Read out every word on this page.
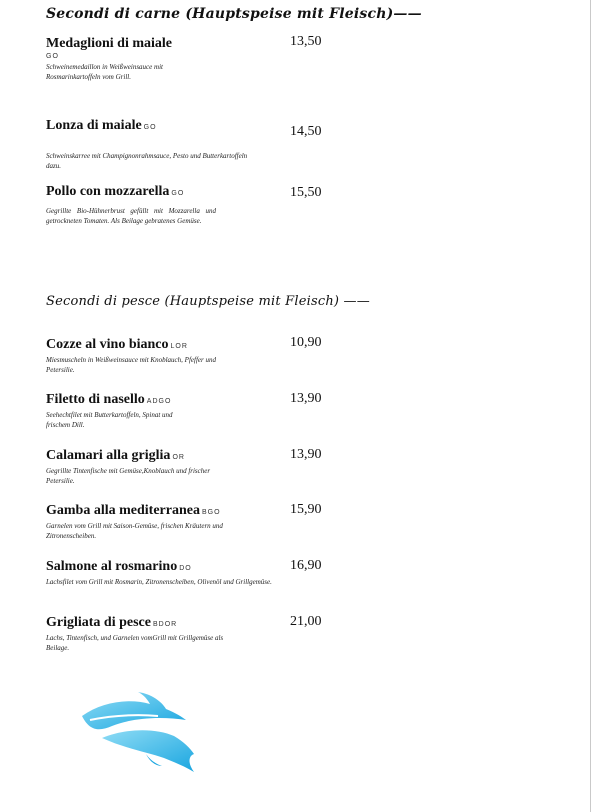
Secondi di carne (Hauptspeise mit Fleisch)——
Medaglioni di maiale
GO
Schweinemedaillon in Weißweinsauce mit Rosmarinkartoffeln vom Grill.
13,50
Lonza di maiale GO
Schweinskarree mit Champignonrahmsauce, Pesto und Butterkartoffeln dazu.
14,50
Pollo con mozzarella GO
Gegrillte Bio-Hühnerbrust gefüllt mit Mozzarella und getrockneten Tomaten. Als Beilage gebratenes Gemüse.
15,50
Secondi di pesce (Hauptspeise mit Fleisch) ——
Cozze al vino bianco LOR
Miesmuscheln in Weißweinsauce mit Knoblauch, Pfeffer und Petersilie.
10,90
Filetto di nasello ADGO
Seehechtfilet mit Butterkartoffeln, Spinat und frischem Dill.
13,90
Calamari alla griglia OR
Gegrillte Tintenfische mit Gemüse,Knoblauch und frischer Petersilie.
13,90
Gamba alla mediterranea BGO
Garnelen vom Grill mit Saison-Gemüse, frischen Kräutern und Zitronenscheiben.
15,90
Salmone al rosmarino DO
Lachsfilet vom Grill mit Rosmarin, Zitronenscheiben, Olivenöl und Grillgemüse.
16,90
Grigliata di pesce BDOR
Lachs, Tintenfisch, und Garnelen vomGrill mit Grillgemüse als Beilage.
21,00
